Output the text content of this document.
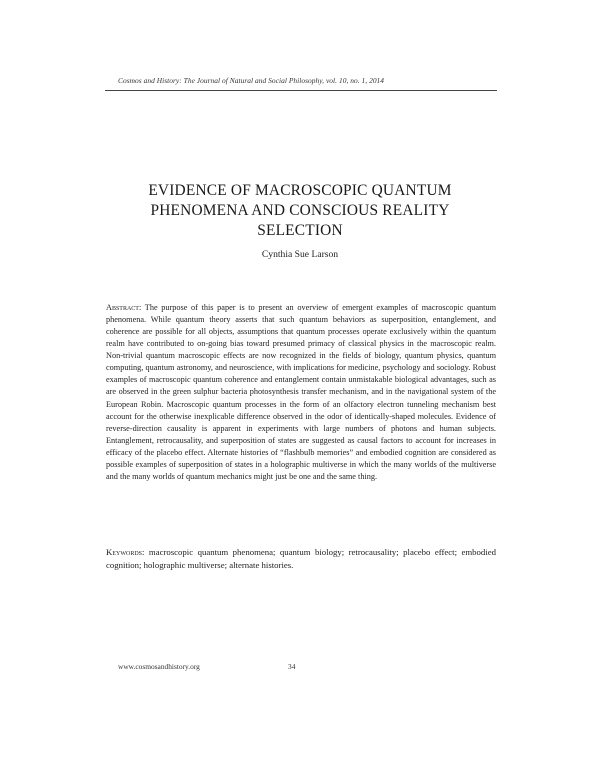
Cosmos and History: The Journal of Natural and Social Philosophy, vol. 10, no. 1, 2014
EVIDENCE OF MACROSCOPIC QUANTUM
PHENOMENA AND CONSCIOUS REALITY
SELECTION
Cynthia Sue Larson
Abstract: The purpose of this paper is to present an overview of emergent examples of macroscopic quantum phenomena. While quantum theory asserts that such quantum behaviors as superposition, entanglement, and coherence are possible for all objects, assumptions that quantum processes operate exclusively within the quantum realm have contributed to on-going bias toward presumed primacy of classical physics in the macroscopic realm. Non-trivial quantum macroscopic effects are now recognized in the fields of biology, quantum physics, quantum computing, quantum astronomy, and neuroscience, with implications for medicine, psychology and sociology. Robust examples of macroscopic quantum coherence and entanglement contain unmistakable biological advantages, such as are observed in the green sulphur bacteria photosynthesis transfer mechanism, and in the navigational system of the European Robin. Macroscopic quantum processes in the form of an olfactory electron tunneling mechanism best account for the otherwise inexplicable difference observed in the odor of identically-shaped molecules. Evidence of reverse-direction causality is apparent in experiments with large numbers of photons and human subjects. Entanglement, retrocausality, and superposition of states are suggested as causal factors to account for increases in efficacy of the placebo effect. Alternate histories of “flashbulb memories” and embodied cognition are considered as possible examples of superposition of states in a holographic multiverse in which the many worlds of the multiverse and the many worlds of quantum mechanics might just be one and the same thing.
Keywords: macroscopic quantum phenomena; quantum biology; retrocausality; placebo effect; embodied cognition; holographic multiverse; alternate histories.
www.cosmosandhistory.org	34
